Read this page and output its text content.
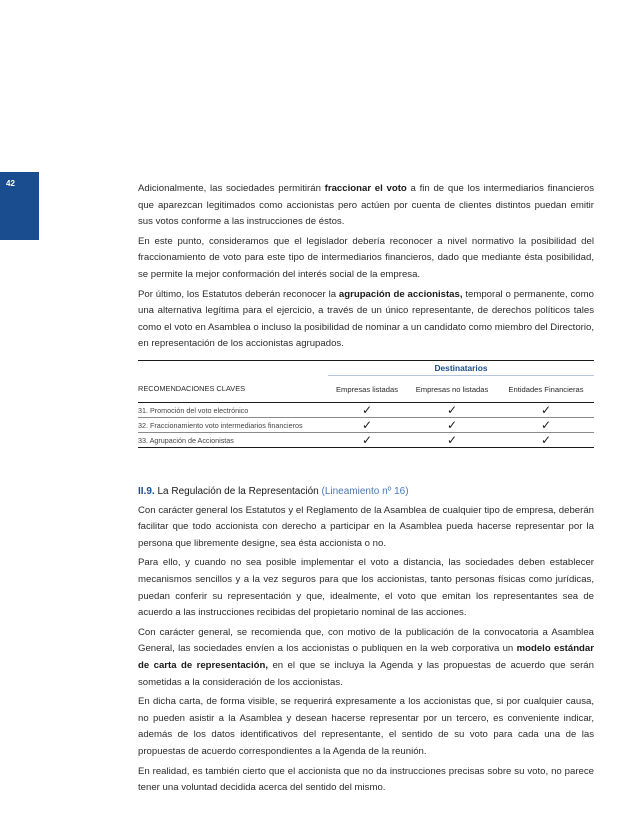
42	Adicionalmente, las sociedades permitirán fraccionar el voto a fin de que los intermediarios financieros que aparezcan legitimados como accionistas pero actúen por cuenta de clientes distintos puedan emitir sus votos conforme a las instrucciones de éstos.

En este punto, consideramos que el legislador debería reconocer a nivel normativo la posibilidad del fraccionamiento de voto para este tipo de intermediarios financieros, dado que mediante ésta posibilidad, se permite la mejor conformación del interés social de la empresa.

Por último, los Estatutos deberán reconocer la agrupación de accionistas, temporal o permanente, como una alternativa legítima para el ejercicio, a través de un único representante, de derechos políticos tales como el voto en Asamblea o incluso la posibilidad de nominar a un candidato como miembro del Directorio, en representación de los accionistas agrupados.

	Destinatarios		

RECOMENDACIONES CLAVES	Empresas listadas	Empresas no listadas	Entidades Financieras
31. Promoción del voto electrónico	✓	✓	✓
32. Fraccionamiento voto intermediarios financieros	✓	✓	✓
33. Agrupación de Accionistas	✓	✓	✓
II.9. La Regulación de la Representación (Lineamiento nº 16)

Con carácter general los Estatutos y el Reglamento de la Asamblea de cualquier tipo de empresa, deberán facilitar que todo accionista con derecho a participar en la Asamblea pueda hacerse representar por la persona que libremente designe, sea ésta accionista o no.

Para ello, y cuando no sea posible implementar el voto a distancia, las sociedades deben establecer mecanismos sencillos y a la vez seguros para que los accionistas, tanto personas físicas como jurídicas, puedan conferir su representación y que, idealmente, el voto que emitan los representantes sea de acuerdo a las instrucciones recibidas del propietario nominal de las acciones.

Con carácter general, se recomienda que, con motivo de la publicación de la convocatoria a Asamblea General, las sociedades envíen a los accionistas o publiquen en la web corporativa un modelo estándar de carta de representación, en el que se incluya la Agenda y las propuestas de acuerdo que serán sometidas a la consideración de los accionistas.

En dicha carta, de forma visible, se requerirá expresamente a los accionistas que, si por cualquier causa, no pueden asistir a la Asamblea y desean hacerse representar por un tercero, es conveniente indicar, además de los datos identificativos del representante, el sentido de su voto para cada una de las propuestas de acuerdo correspondientes a la Agenda de la reunión.

En realidad, es también cierto que el accionista que no da instrucciones precisas sobre su voto, no parece tener una voluntad decidida acerca del sentido del mismo.
